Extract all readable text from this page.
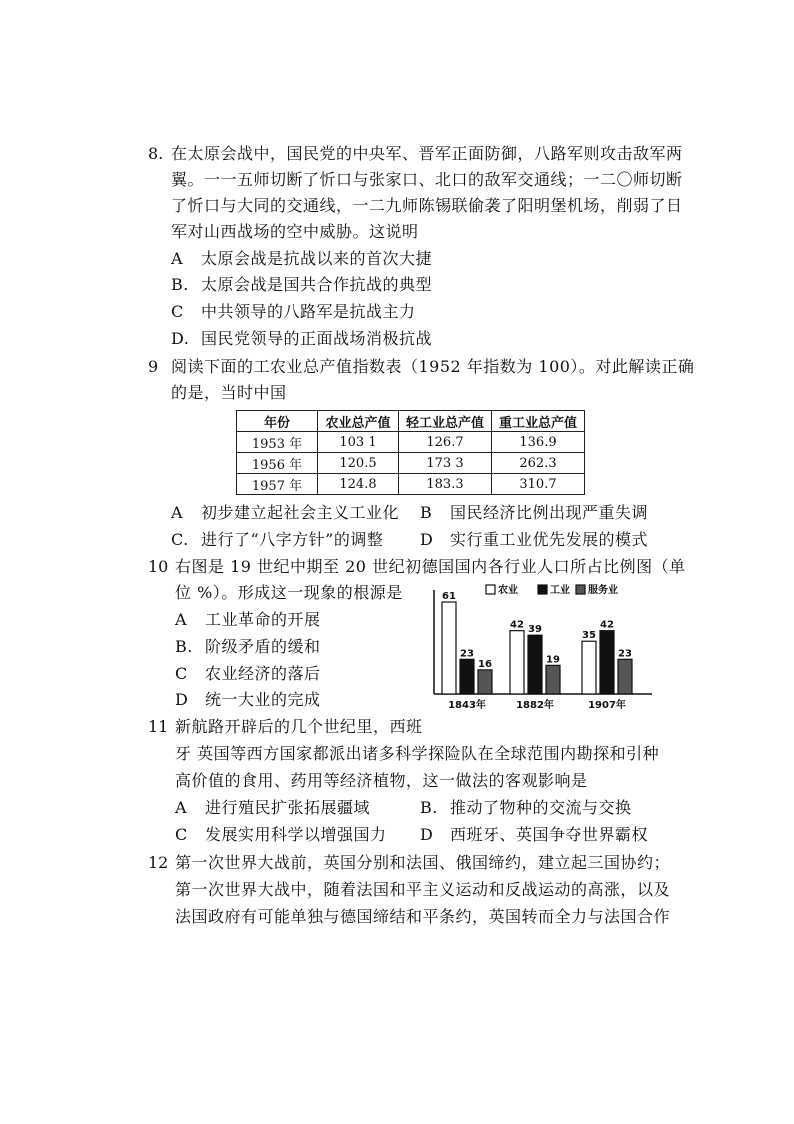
8. 在太原会战中，国民党的中央军、晋军正面防御，八路军则攻击敌军两
翼。一一五师切断了忻口与张家口、北口的敌军交通线；一二〇师切断
了忻口与大同的交通线，一二九师陈锡联偷袭了阳明堡机场，削弱了日
军对山西战场的空中威胁。这说明
A 太原会战是抗战以来的首次大捷
B. 太原会战是国共合作抗战的典型
C 中共领导的八路军是抗战主力
D. 国民党领导的正面战场消极抗战
9 阅读下面的工农业总产值指数表（1952 年指数为 100）。对此解读正确
的是，当时中国
年份	农业总产值	轻工业总产值	重工业总产值
1953 年	103 1	126.7	136.9
1956 年	120.5	173 3	262.3
1957 年	124.8	183.3	310.7
A 初步建立起社会主义工业化 B 国民经济比例出现严重失调
C. 进行了“八字方针”的调整 D 实行重工业优先发展的模式
10 右图是 19 世纪中期至 20 世纪初德国国内各行业人口所占比例图（单
位 %）。形成这一现象的根源是
A 工业革命的开展
B. 阶级矛盾的缓和
C 农业经济的落后
D 统一大业的完成
61
23
16
1843年
42 39
19
1882年
35
42
23
1907年
农业	工业 服务业
11 新航路开辟后的几个世纪里，西班
牙 英国等西方国家都派出诸多科学探险队在全球范围内勘探和引种
高价值的食用、药用等经济植物，这一做法的客观影响是
A 进行殖民扩张拓展疆域	B. 推动了物种的交流与交换
C 发展实用科学以增强国力 D 西班牙、英国争夺世界霸权
12 第一次世界大战前，英国分别和法国、俄国缔约，建立起三国协约；
第一次世界大战中，随着法国和平主义运动和反战运动的高涨，以及
法国政府有可能单独与德国缔结和平条约，英国转而全力与法国合作
